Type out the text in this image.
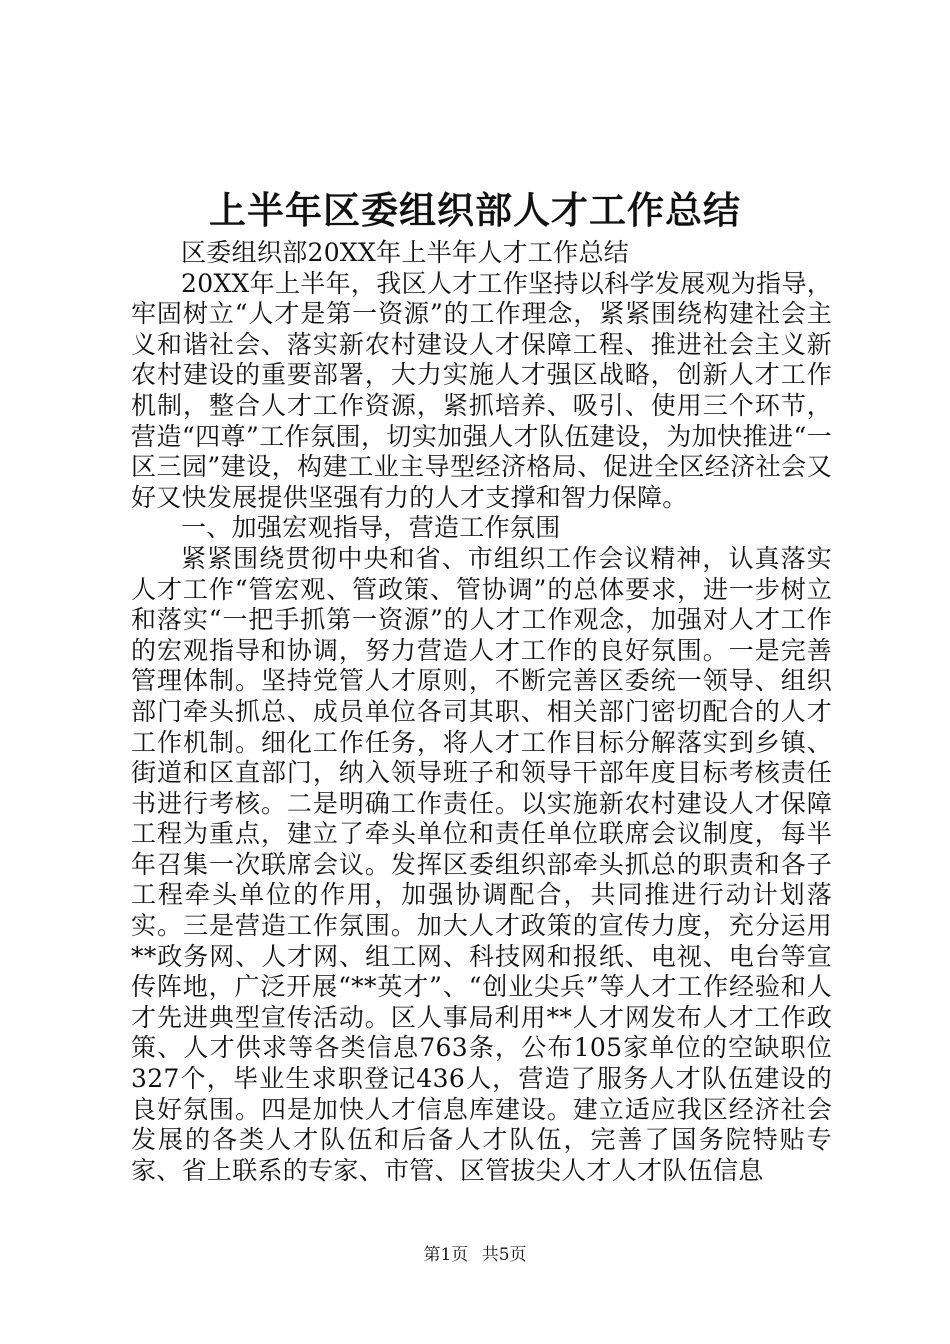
上半年区委组织部人才工作总结

区委组织部20XX年上半年人才工作总结

20XX年上半年，我区人才工作坚持以科学发展观为指导，牢固树立“人才是第一资源”的工作理念，紧紧围绕构建社会主义和谐社会、落实新农村建设人才保障工程、推进社会主义新农村建设的重要部署，大力实施人才强区战略，创新人才工作机制，整合人才工作资源，紧抓培养、吸引、使用三个环节，营造“四尊”工作氛围，切实加强人才队伍建设，为加快推进“一区三园”建设，构建工业主导型经济格局、促进全区经济社会又好又快发展提供坚强有力的人才支撑和智力保障。

一、加强宏观指导，营造工作氛围

紧紧围绕贯彻中央和省、市组织工作会议精神，认真落实人才工作“管宏观、管政策、管协调”的总体要求，进一步树立和落实“一把手抓第一资源”的人才工作观念，加强对人才工作的宏观指导和协调，努力营造人才工作的良好氛围。一是完善管理体制。坚持党管人才原则，不断完善区委统一领导、组织部门牵头抓总、成员单位各司其职、相关部门密切配合的人才工作机制。细化工作任务，将人才工作目标分解落实到乡镇、街道和区直部门，纳入领导班子和领导干部年度目标考核责任书进行考核。二是明确工作责任。以实施新农村建设人才保障工程为重点，建立了牵头单位和责任单位联席会议制度，每半年召集一次联席会议。发挥区委组织部牵头抓总的职责和各子工程牵头单位的作用，加强协调配合，共同推进行动计划落实。三是营造工作氛围。加大人才政策的宣传力度，充分运用**政务网、人才网、组工网、科技网和报纸、电视、电台等宣传阵地，广泛开展“**英才”、“创业尖兵”等人才工作经验和人才先进典型宣传活动。区人事局利用**人才网发布人才工作政策、人才供求等各类信息763条，公布105家单位的空缺职位327个，毕业生求职登记436人，营造了服务人才队伍建设的良好氛围。四是加快人才信息库建设。建立适应我区经济社会发展的各类人才队伍和后备人才队伍，完善了国务院特贴专家、省上联系的专家、市管、区管拔尖人才人才队伍信息

第1页 共5页
